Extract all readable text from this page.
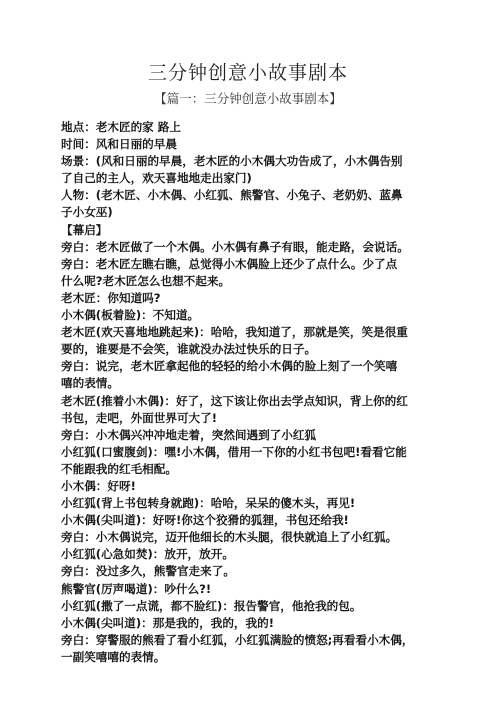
三分钟创意小故事剧本
【篇一：三分钟创意小故事剧本】

地点：老木匠的家 路上

时间：风和日丽的早晨

场景：(风和日丽的早晨，老木匠的小木偶大功告成了，小木偶告别
了自己的主人，欢天喜地地走出家门)

人物：(老木匠、小木偶、小红狐、熊警官、小兔子、老奶奶、蓝鼻
子小女巫)

【幕启】

旁白：老木匠做了一个木偶。小木偶有鼻子有眼，能走路，会说话。
旁白：老木匠左瞧右瞧，总觉得小木偶脸上还少了点什么。少了点
什么呢?老木匠怎么也想不起来。

老木匠：你知道吗?

小木偶(板着脸)：不知道。

老木匠(欢天喜地地跳起来)：哈哈，我知道了，那就是笑，笑是很重
要的，谁要是不会笑，谁就没办法过快乐的日子。

旁白：说完，老木匠拿起他的轻轻的给小木偶的脸上刻了一个笑嘻
嘻的表情。

老木匠(推着小木偶)：好了，这下该让你出去学点知识，背上你的红
书包，走吧，外面世界可大了!

旁白：小木偶兴冲冲地走着，突然间遇到了小红狐

小红狐(口蜜腹剑)：嘿!小木偶，借用一下你的小红书包吧!看看它能
不能跟我的红毛相配。

小木偶：好呀!

小红狐(背上书包转身就跑)：哈哈，呆呆的傻木头，再见!

小木偶(尖叫道)：好呀!你这个狡猾的狐狸，书包还给我!

旁白：小木偶说完，迈开他细长的木头腿，很快就追上了小红狐。

小红狐(心急如焚)：放开，放开。

旁白：没过多久，熊警官走来了。

熊警官(厉声喝道)：吵什么?!

小红狐(撒了一点谎，都不脸红)：报告警官，他抢我的包。

小木偶(尖叫道)：那是我的，我的，我的!

旁白：穿警服的熊看了看小红狐，小红狐满脸的愤怒;再看看小木偶，
一副笑嘻嘻的表情。
